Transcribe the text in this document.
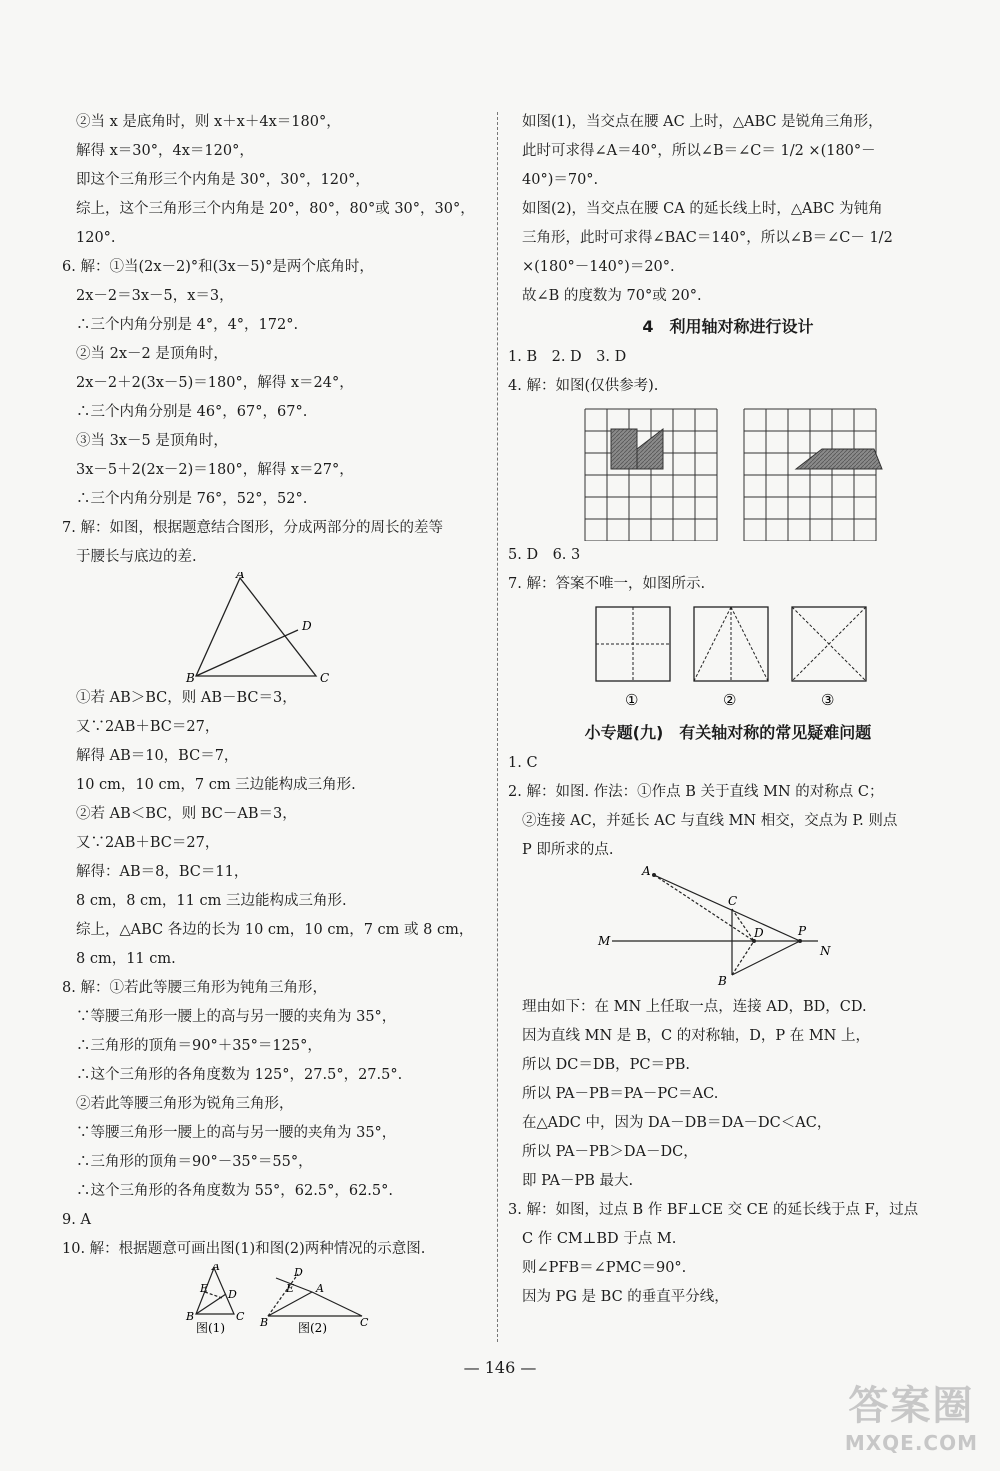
②当 x 是底角时，则 x＋x＋4x＝180°，
解得 x＝30°，4x＝120°，
即这个三角形三个内角是 30°，30°，120°，
综上，这个三角形三个内角是 20°，80°，80°或 30°，30°，
120°.
6. 解：①当(2x－2)°和(3x－5)°是两个底角时，
2x－2＝3x－5，x＝3，
∴三个内角分别是 4°，4°，172°.
②当 2x－2 是顶角时，
2x－2＋2(3x－5)＝180°，解得 x＝24°，
∴三个内角分别是 46°，67°，67°.
③当 3x－5 是顶角时，
3x－5＋2(2x－2)＝180°，解得 x＝27°，
∴三个内角分别是 76°，52°，52°.
7. 解：如图，根据题意结合图形，分成两部分的周长的差等
于腰长与底边的差.
A
B	C
D
①若 AB＞BC，则 AB－BC＝3，
又∵2AB＋BC＝27，
解得 AB＝10，BC＝7，
10 cm，10 cm，7 cm 三边能构成三角形.
②若 AB＜BC，则 BC－AB＝3，
又∵2AB＋BC＝27，
解得：AB＝8，BC＝11，
8 cm，8 cm，11 cm 三边能构成三角形.
综上，△ABC 各边的长为 10 cm，10 cm，7 cm 或 8 cm，
8 cm，11 cm.
8. 解：①若此等腰三角形为钝角三角形，
∵等腰三角形一腰上的高与另一腰的夹角为 35°，
∴三角形的顶角＝90°＋35°＝125°，
∴这个三角形的各角度数为 125°，27.5°，27.5°.
②若此等腰三角形为锐角三角形，
∵等腰三角形一腰上的高与另一腰的夹角为 35°，
∴三角形的顶角＝90°－35°＝55°，
∴这个三角形的各角度数为 55°，62.5°，62.5°.
9. A
10. 解：根据题意可画出图(1)和图(2)两种情况的示意图.
A
E D
B	C
D
E A
B	C
图(1)	图(2)
如图(1)，当交点在腰 AC 上时，△ABC 是锐角三角形，
此时可求得∠A＝40°，所以∠B＝∠C＝ 1/2 ×(180°－
40°)＝70°.
如图(2)，当交点在腰 CA 的延长线上时，△ABC 为钝角
三角形，此时可求得∠BAC＝140°，所以∠B＝∠C－ 1/2
×(180°－140°)＝20°.
故∠B 的度数为 70°或 20°.
4　利用轴对称进行设计
1. B　2. D　3. D
4. 解：如图(仅供参考).
5. D　6. 3
7. 解：答案不唯一，如图所示.
①	②	③
小专题(九)　有关轴对称的常见疑难问题
1. C
2. 解：如图. 作法：①作点 B 关于直线 MN 的对称点 C；
②连接 AC，并延长 AC 与直线 MN 相交，交点为 P. 则点
P 即所求的点.
A
C
D	P
M
N
B
理由如下：在 MN 上任取一点，连接 AD，BD，CD.
因为直线 MN 是 B，C 的对称轴，D，P 在 MN 上，
所以 DC＝DB，PC＝PB.
所以 PA－PB＝PA－PC＝AC.
在△ADC 中，因为 DA－DB＝DA－DC＜AC，
所以 PA－PB＞DA－DC，
即 PA－PB 最大.
3. 解：如图，过点 B 作 BF⊥CE 交 CE 的延长线于点 F，过点
C 作 CM⊥BD 于点 M.
则∠PFB＝∠PMC＝90°.
因为 PG 是 BC 的垂直平分线，
— 146 —
答案圈
MXQE.COM
